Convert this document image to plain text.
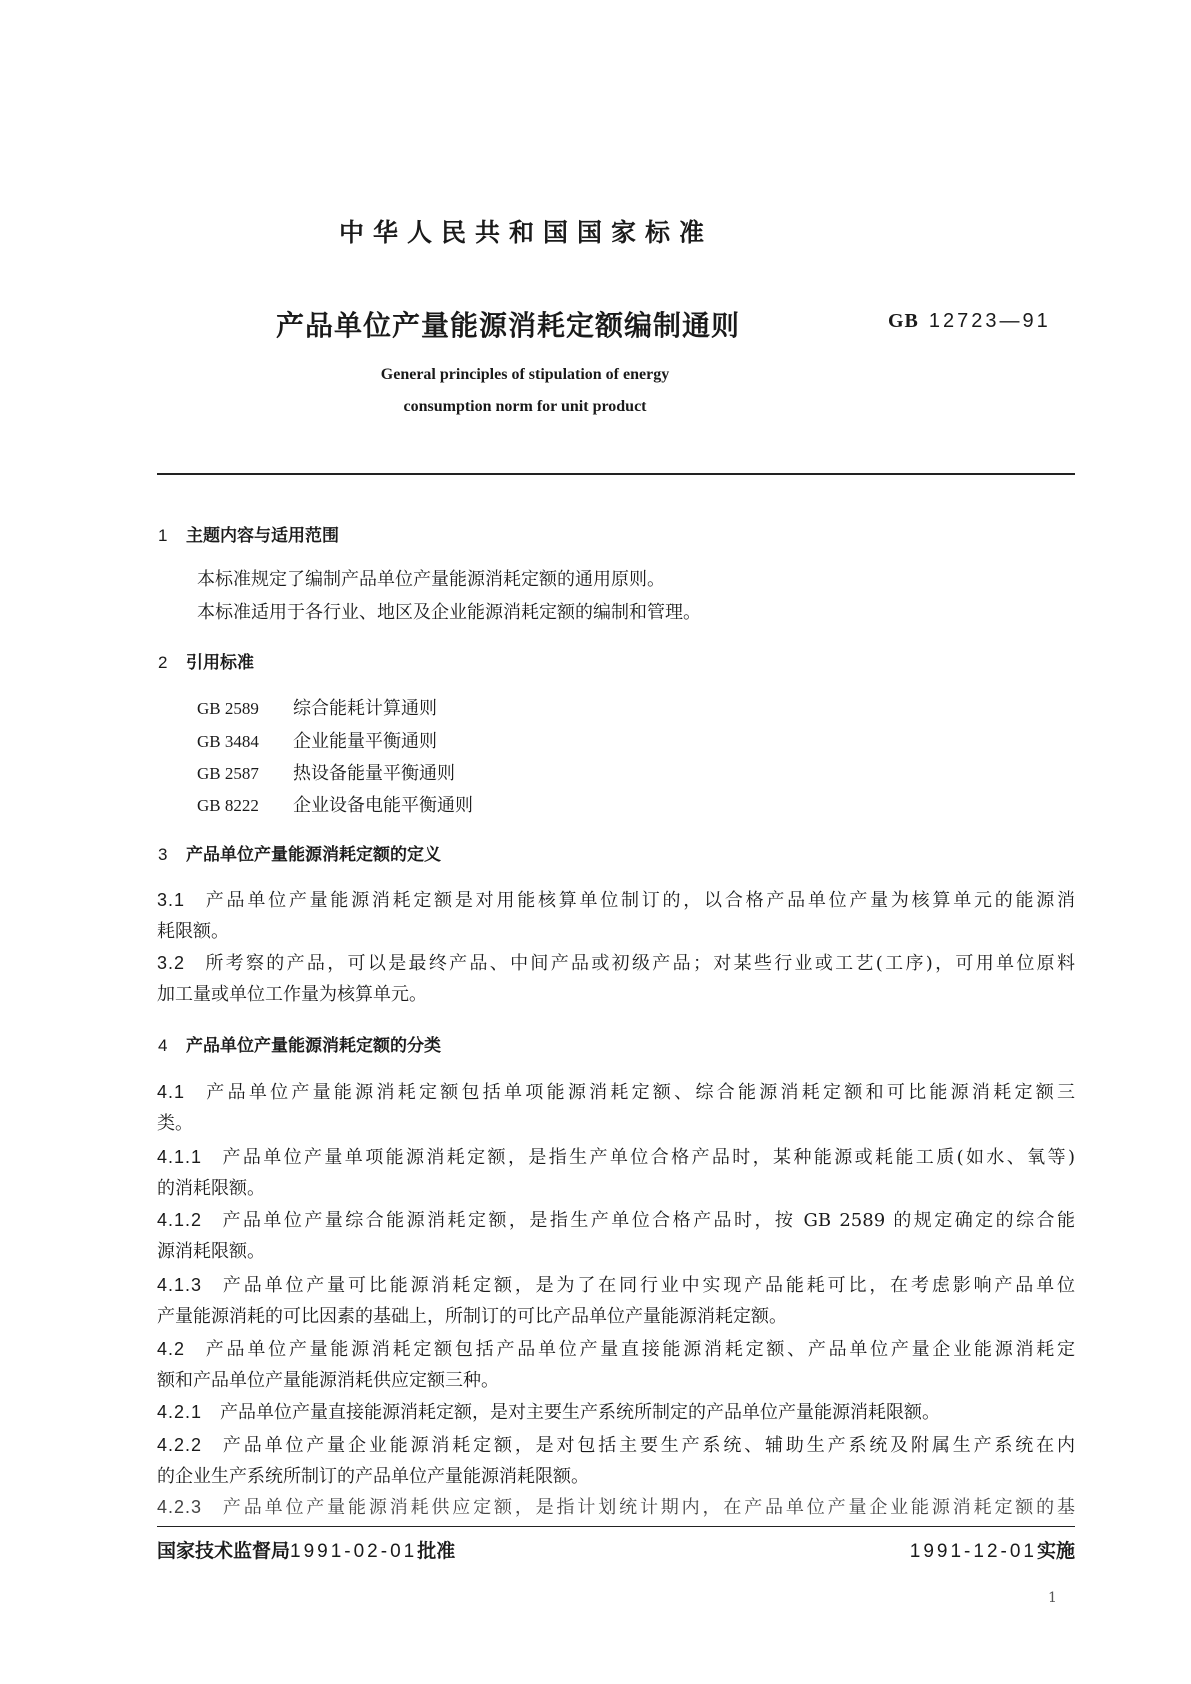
中华人民共和国国家标准
产品单位产量能源消耗定额编制通则	GB 12723—91
General principles of stipulation of energy
consumption norm for unit product
1 主题内容与适用范围
本标准规定了编制产品单位产量能源消耗定额的通用原则。
本标准适用于各行业、地区及企业能源消耗定额的编制和管理。
2 引用标准
GB 2589 综合能耗计算通则
GB 3484 企业能量平衡通则
GB 2587 热设备能量平衡通则
GB 8222 企业设备电能平衡通则
3 产品单位产量能源消耗定额的定义
3.1 产品单位产量能源消耗定额是对用能核算单位制订的，以合格产品单位产量为核算单元的能源消
耗限额。
3.2 所考察的产品，可以是最终产品、中间产品或初级产品；对某些行业或工艺(工序)，可用单位原料
加工量或单位工作量为核算单元。
4 产品单位产量能源消耗定额的分类
4.1 产品单位产量能源消耗定额包括单项能源消耗定额、综合能源消耗定额和可比能源消耗定额三
类。
4.1.1 产品单位产量单项能源消耗定额，是指生产单位合格产品时，某种能源或耗能工质(如水、氧等)
的消耗限额。
4.1.2 产品单位产量综合能源消耗定额，是指生产单位合格产品时，按 GB 2589 的规定确定的综合能
源消耗限额。
4.1.3 产品单位产量可比能源消耗定额，是为了在同行业中实现产品能耗可比，在考虑影响产品单位
产量能源消耗的可比因素的基础上，所制订的可比产品单位产量能源消耗定额。
4.2 产品单位产量能源消耗定额包括产品单位产量直接能源消耗定额、产品单位产量企业能源消耗定
额和产品单位产量能源消耗供应定额三种。
4.2.1 产品单位产量直接能源消耗定额，是对主要生产系统所制定的产品单位产量能源消耗限额。
4.2.2 产品单位产量企业能源消耗定额，是对包括主要生产系统、辅助生产系统及附属生产系统在内
的企业生产系统所制订的产品单位产量能源消耗限额。
4.2.3 产品单位产量能源消耗供应定额，是指计划统计期内，在产品单位产量企业能源消耗定额的基
国家技术监督局1991-02-01批准	1991-12-01实施
1
